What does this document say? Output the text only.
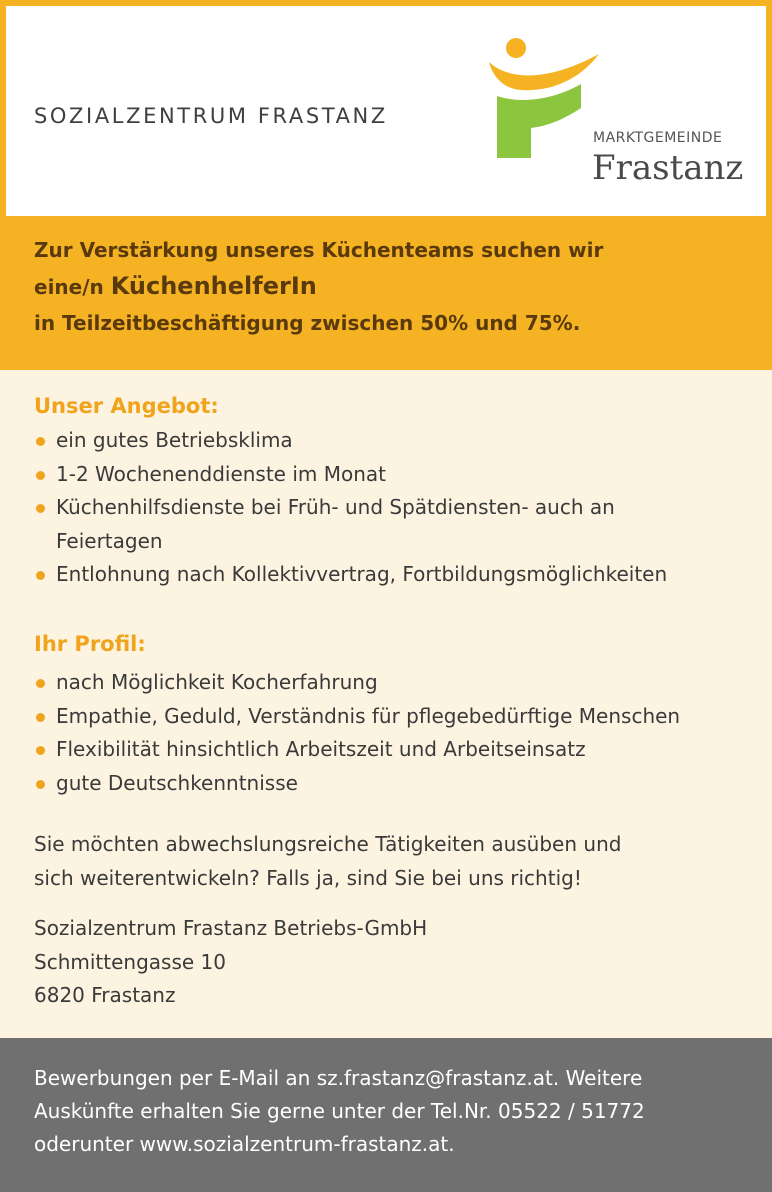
SOZIALZENTRUM FRASTANZ
MARKTGEMEINDE
Frastanz
Zur Verstärkung unseres Küchenteams suchen wir
eine/n KüchenhelferIn
in Teilzeitbeschäftigung zwischen 50% und 75%.
Unser Angebot:
ein gutes Betriebsklima
1-2 Wochenenddienste im Monat
Küchenhilfsdienste bei Früh- und Spätdiensten- auch an
Feiertagen
Entlohnung nach Kollektivvertrag, Fortbildungsmöglichkeiten
Ihr Profil:
nach Möglichkeit Kocherfahrung
Empathie, Geduld, Verständnis für pflegebedürftige Menschen
Flexibilität hinsichtlich Arbeitszeit und Arbeitseinsatz
gute Deutschkenntnisse
Sie möchten abwechslungsreiche Tätigkeiten ausüben und
sich weiterentwickeln? Falls ja, sind Sie bei uns richtig!
Sozialzentrum Frastanz Betriebs-GmbH
Schmittengasse 10
6820 Frastanz
Bewerbungen per E-Mail an sz.frastanz@frastanz.at. Weitere
Auskünfte erhalten Sie gerne unter der Tel.Nr. 05522 / 51772
oderunter www.sozialzentrum-frastanz.at.
